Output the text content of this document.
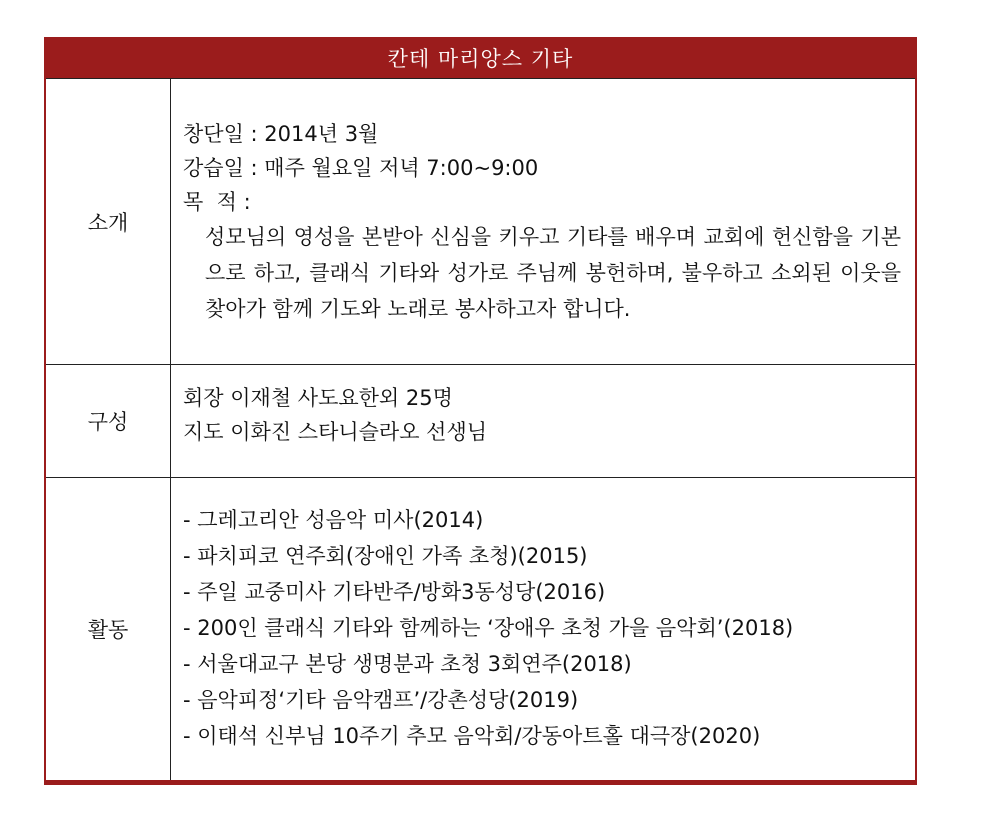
칸테 마리앙스 기타
소개
창단일 : 2014년 3월
강습일 : 매주 월요일 저녁 7:00~9:00
목  적 :
성모님의 영성을 본받아 신심을 키우고 기타를 배우며 교회에 헌신함을 기본으로 하고, 클래식 기타와 성가로 주님께 봉헌하며, 불우하고 소외된 이웃을 찾아가 함께 기도와 노래로 봉사하고자 합니다.
구성
회장 이재철 사도요한외 25명
지도 이화진 스타니슬라오 선생님
활동
- 그레고리안 성음악 미사(2014)
- 파치피코 연주회(장애인 가족 초청)(2015)
- 주일 교중미사 기타반주/방화3동성당(2016)
- 200인 클래식 기타와 함께하는 ‘장애우 초청 가을 음악회’(2018)
- 서울대교구 본당 생명분과 초청 3회연주(2018)
- 음악피정‘기타 음악캠프’/강촌성당(2019)
- 이태석 신부님 10주기 추모 음악회/강동아트홀 대극장(2020)
